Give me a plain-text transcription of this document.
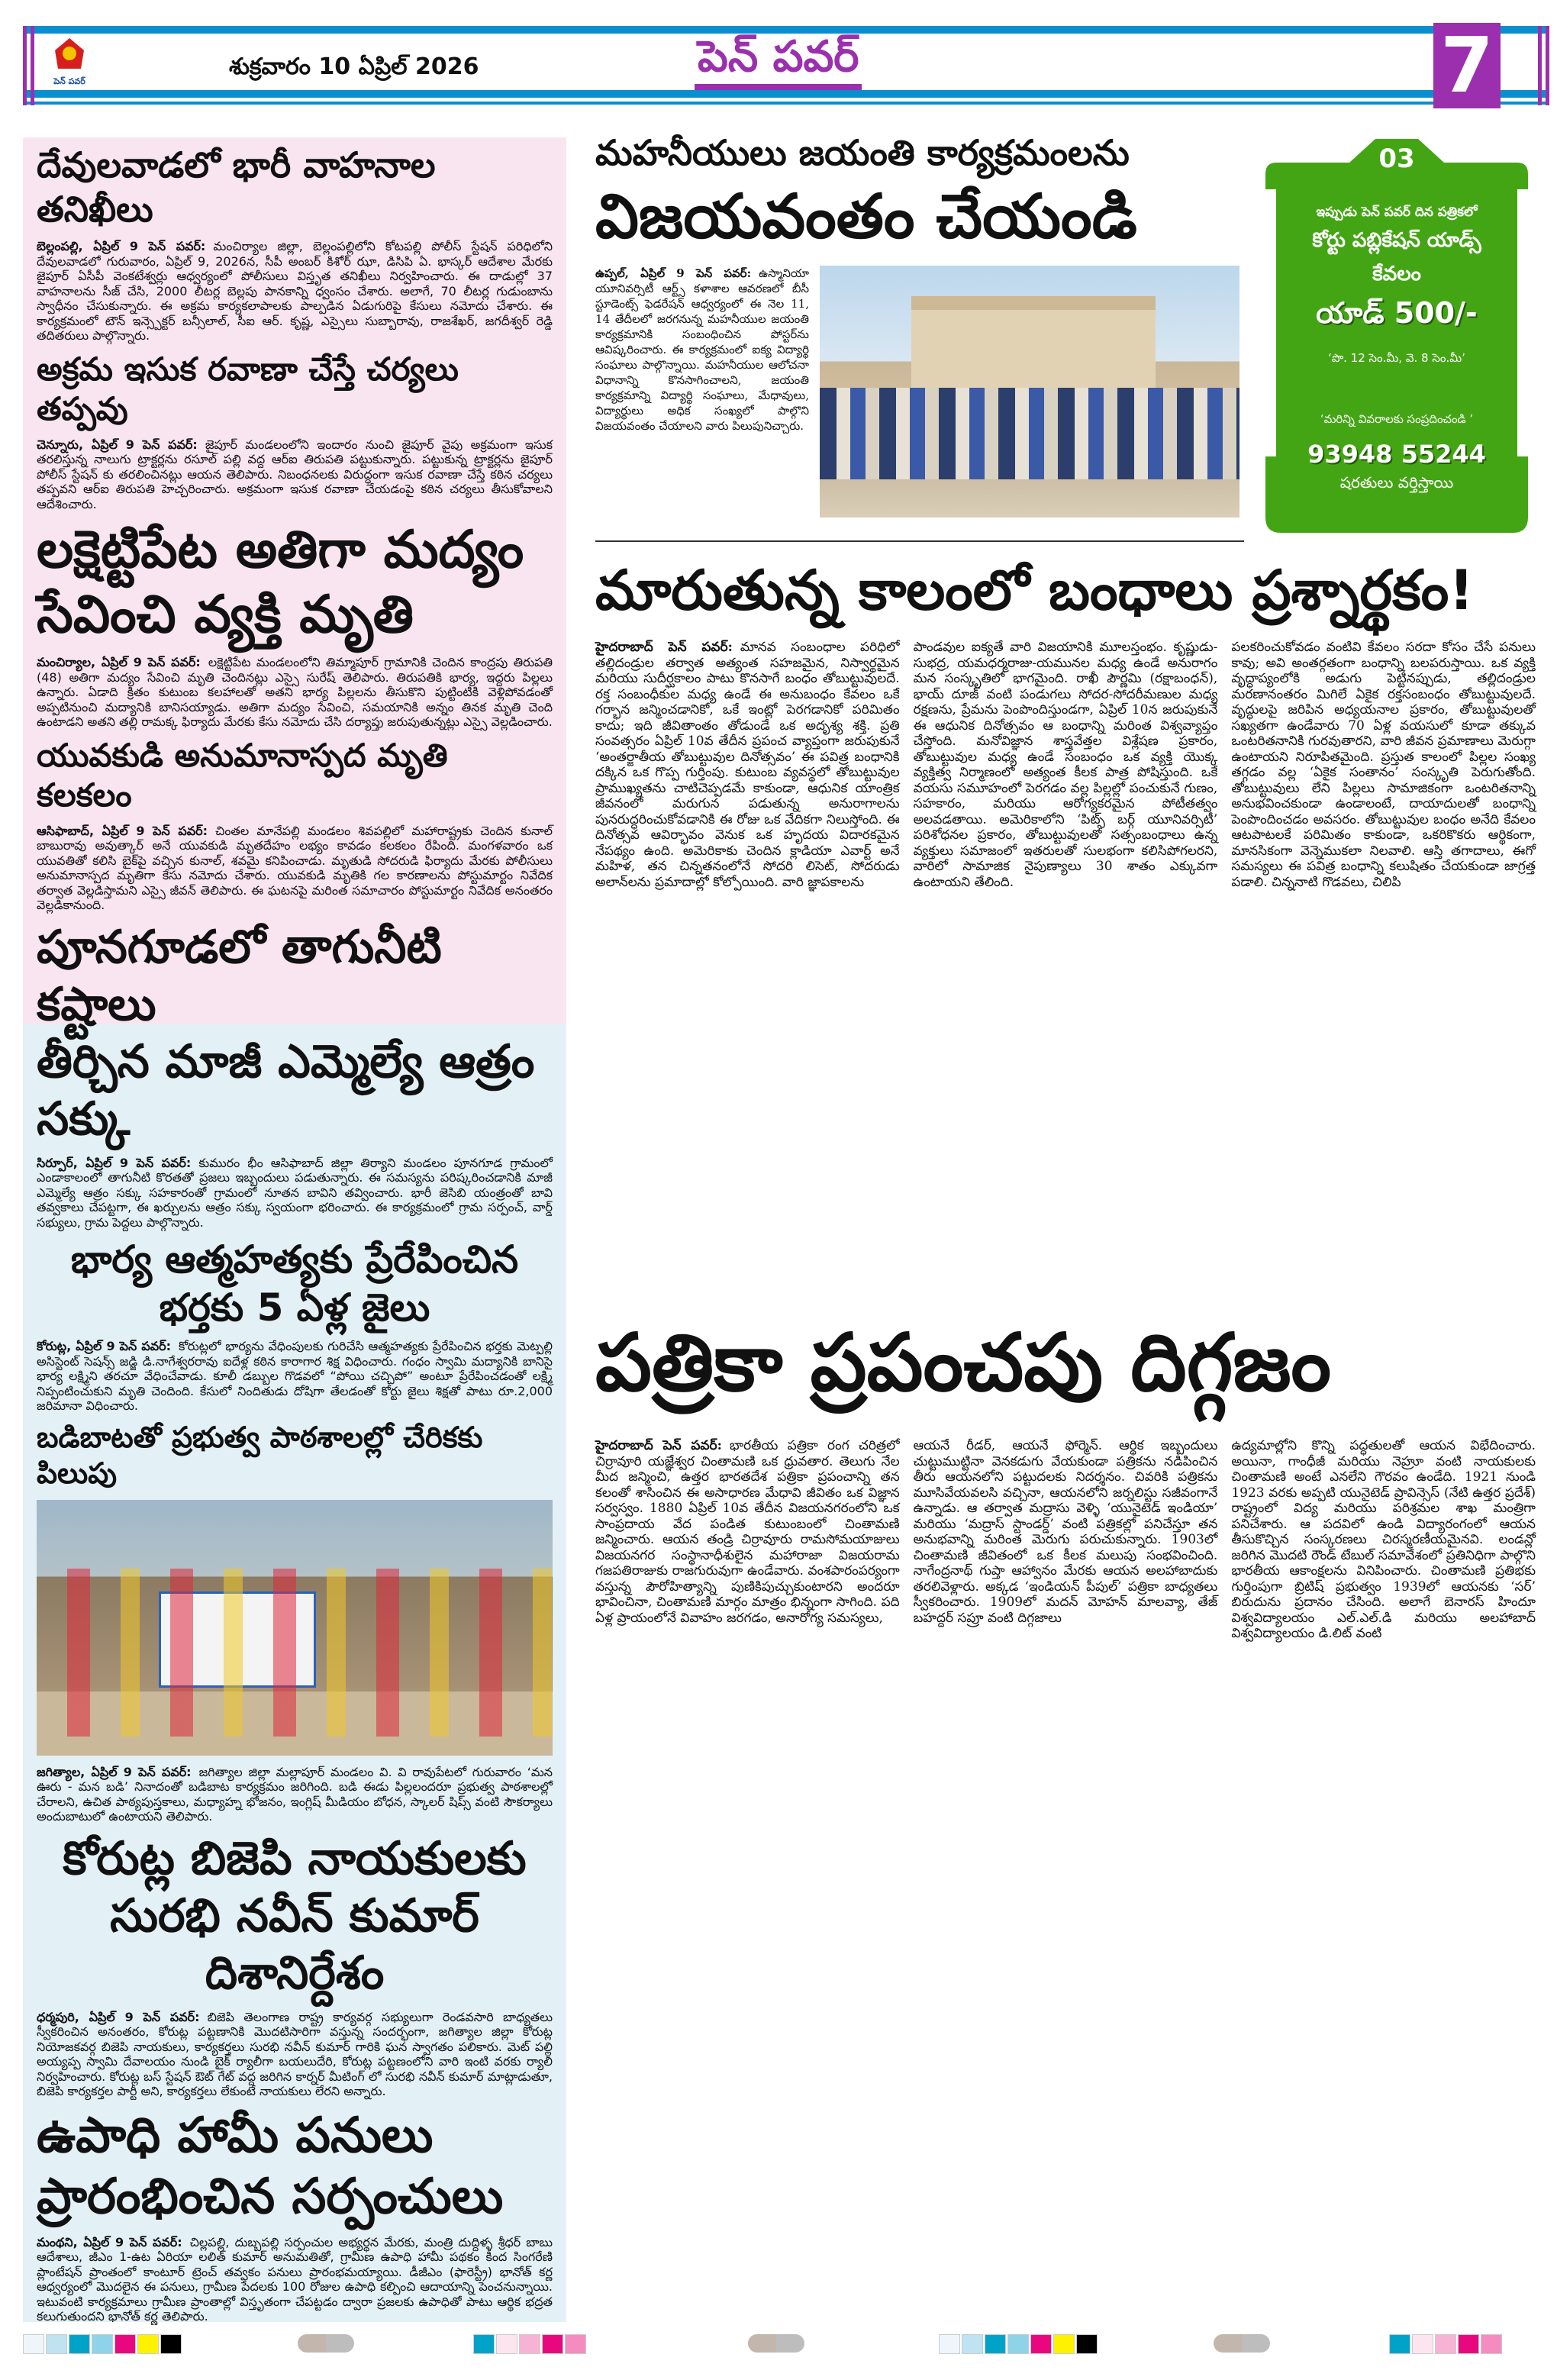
పెన్ పవర్
శుక్రవారం 10 ఏప్రిల్ 2026	పెన్ పవర్	7
దేవులవాడలో భారీ వాహనాల తనిఖీలు
బెల్లంపల్లి, ఏప్రిల్ 9 పెన్ పవర్: మంచిర్యాల జిల్లా, బెల్లంపల్లిలోని కోటపల్లి పోలీస్ స్టేషన్ పరిధిలోని దేవులవాడలో గురువారం, ఏప్రిల్ 9, 2026న, సీపీ అంబర్ కిశోర్ ఝా, డిసిపి ఏ. భాస్కర్ ఆదేశాల మేరకు జైపూర్ ఏసీపీ వెంకటేశ్వర్లు ఆధ్వర్యంలో పోలీసులు విస్తృత తనిఖీలు నిర్వహించారు. ఈ దాడుల్లో 37 వాహనాలను సీజ్ చేసి, 2000 లీటర్ల బెల్లపు పానకాన్ని ధ్వంసం చేశారు. అలాగే, 70 లీటర్ల గుడుంబాను స్వాధీనం చేసుకున్నారు. ఈ అక్రమ కార్యకలాపాలకు పాల్పడిన ఏడుగురిపై కేసులు నమోదు చేశారు. ఈ కార్యక్రమంలో టౌన్ ఇన్స్పెక్టర్ బన్సీలాల్, సీఐ ఆర్. కృష్ణ, ఎస్సైలు సుబ్బారావు, రాజశేఖర్, జగదీశ్వర్ రెడ్డి తదితరులు పాల్గొన్నారు.
అక్రమ ఇసుక రవాణా చేస్తే చర్యలు తప్పవు
చెన్నూరు, ఏప్రిల్ 9 పెన్ పవర్: జైపూర్ మండలంలోని ఇందారం నుంచి జైపూర్ వైపు అక్రమంగా ఇసుక తరలిస్తున్న నాలుగు ట్రాక్టర్లను రసూల్ పల్లి వద్ద ఆర్ఐ తిరుపతి పట్టుకున్నారు. పట్టుకున్న ట్రాక్టర్లను జైపూర్ పోలీస్ స్టేషన్ కు తరలించినట్లు ఆయన తెలిపారు. నిబంధనలకు విరుద్ధంగా ఇసుక రవాణా చేస్తే కఠిన చర్యలు తప్పవని ఆర్ఐ తిరుపతి హెచ్చరించారు. అక్రమంగా ఇసుక రవాణా చేయడంపై కఠిన చర్యలు తీసుకోవాలని ఆదేశించారు.
లక్షెట్టిపేట అతిగా మద్యం
సేవించి వ్యక్తి మృతి
మంచిర్యాల, ఏప్రిల్ 9 పెన్ పవర్: లక్షెట్టిపేట మండలంలోని తిమ్మాపూర్ గ్రామానికి చెందిన కాంద్రపు తిరుపతి (48) అతిగా మద్యం సేవించి మృతి చెందినట్లు ఎస్సై సురేష్ తెలిపారు. తిరుపతికి భార్య, ఇద్దరు పిల్లలు ఉన్నారు. ఏడాది క్రితం కుటుంబ కలహాలతో అతని భార్య పిల్లలను తీసుకొని పుట్టింటికి వెళ్లిపోవడంతో అప్పటినుంచి మద్యానికి బానిసయ్యాడు. అతిగా మద్యం సేవించి, సమయానికి అన్నం తినక మృతి చెంది ఉంటాడని అతని తల్లి రామక్క ఫిర్యాదు మేరకు కేసు నమోదు చేసి దర్యాప్తు జరుపుతున్నట్లు ఎస్సై వెల్లడించారు.
యువకుడి అనుమానాస్పద మృతి కలకలం
ఆసిఫాబాద్, ఏప్రిల్ 9 పెన్ పవర్: చింతల మానేపల్లి మండలం శివపల్లిలో మహారాష్ట్రకు చెందిన కునాల్ బాబురావు అవుత్కార్ అనే యువకుడి మృతదేహం లభ్యం కావడం కలకలం రేపింది. మంగళవారం ఒక యువతితో కలిసి బైక్‌పై వచ్చిన కునాల్, శవమై కనిపించాడు. మృతుడి సోదరుడి ఫిర్యాదు మేరకు పోలీసులు అనుమానాస్పద మృతిగా కేసు నమోదు చేశారు. యువకుడి మృతికి గల కారణాలను పోస్టుమార్టం నివేదిక తర్వాత వెల్లడిస్తామని ఎస్సై జీవన్ తెలిపారు. ఈ ఘటనపై మరింత సమాచారం పోస్టుమార్టం నివేదిక అనంతరం వెల్లడికానుంది.
పూనగూడలో తాగునీటి కష్టాలు
తీర్చిన మాజీ ఎమ్మెల్యే ఆత్రం సక్కు
సిర్పూర్, ఏప్రిల్ 9 పెన్ పవర్: కుమురం భీం ఆసిఫాబాద్ జిల్లా తిర్యాని మండలం పూనగూడ గ్రామంలో ఎండాకాలంలో తాగునీటి కొరతతో ప్రజలు ఇబ్బందులు పడుతున్నారు. ఈ సమస్యను పరిష్కరించడానికి మాజీ ఎమ్మెల్యే ఆత్రం సక్కు సహకారంతో గ్రామంలో నూతన బావిని తవ్వించారు. భారీ జెసిబి యంత్రంతో బావి తవ్వకాలు చేపట్టగా, ఈ ఖర్చులను ఆత్రం సక్కు స్వయంగా భరించారు. ఈ కార్యక్రమంలో గ్రామ సర్పంచ్, వార్డ్ సభ్యులు, గ్రామ పెద్దలు పాల్గొన్నారు.
భార్య ఆత్మహత్యకు ప్రేరేపించిన
భర్తకు 5 ఏళ్ల జైలు
కోరుట్ల, ఏప్రిల్ 9 పెన్ పవర్: కోరుట్లలో భార్యను వేధింపులకు గురిచేసి ఆత్మహత్యకు ప్రేరేపించిన భర్తకు మెట్పల్లి అసిస్టెంట్ సెషన్స్ జడ్జి డి.నాగేశ్వరరావు ఐదేళ్ల కఠిన కారాగార శిక్ష విధించారు. గంధం స్వామి మద్యానికి బానిసై భార్య లక్ష్మిని తరచూ వేధించేవాడు. కూలీ డబ్బుల గొడవలో “పోయి చచ్చిపో” అంటూ ప్రేరేపించడంతో లక్ష్మి నిప్పంటించుకుని మృతి చెందింది. కేసులో నిందితుడు దోషిగా తేలడంతో కోర్టు జైలు శిక్షతో పాటు రూ.2,000 జరిమానా విధించారు.
బడిబాటతో ప్రభుత్వ పాఠశాలల్లో చేరికకు పిలుపు
జగిత్యాల, ఏప్రిల్ 9 పెన్ పవర్: జగిత్యాల జిల్లా మల్లాపూర్ మండలం వి. వి రావుపేటలో గురువారం ‘మన ఊరు - మన బడి’ నినాదంతో బడిబాట కార్యక్రమం జరిగింది. బడి ఈడు పిల్లలందరూ ప్రభుత్వ పాఠశాలల్లో చేరాలని, ఉచిత పాఠ్యపుస్తకాలు, మధ్యాహ్న భోజనం, ఇంగ్లిష్ మీడియం బోధన, స్కాలర్ షిప్స్ వంటి సౌకర్యాలు అందుబాటులో ఉంటాయని తెలిపారు.
కోరుట్ల బిజెపి నాయకులకు
సురభి నవీన్ కుమార్ దిశానిర్దేశం
ధర్మపురి, ఏప్రిల్ 9 పెన్ పవర్: బిజెపి తెలంగాణ రాష్ట్ర కార్యవర్గ సభ్యులుగా రెండవసారి బాధ్యతలు స్వీకరించిన అనంతరం, కోరుట్ల పట్టణానికి మొదటిసారిగా వస్తున్న సందర్భంగా, జగిత్యాల జిల్లా కోరుట్ల నియోజకవర్గ బిజెపి నాయకులు, కార్యకర్తలు సురభి నవీన్ కుమార్ గారికి ఘన స్వాగతం పలికారు. మెట్ పల్లి అయ్యప్ప స్వామి దేవాలయం నుండి బైక్ ర్యాలీగా బయలుదేరి, కోరుట్ల పట్టణంలోని వారి ఇంటి వరకు ర్యాలీ నిర్వహించారు. కోరుట్ల బస్ స్టేషన్ ఔట్ గేట్ వద్ద జరిగిన కార్నర్ మీటింగ్ లో సురభి నవీన్ కుమార్ మాట్లాడుతూ, బిజెపి కార్యకర్తల పార్టీ అని, కార్యకర్తలు లేకుంటే నాయకులు లేరని అన్నారు.
ఉపాధి హామీ పనులు
ప్రారంభించిన సర్పంచులు
మంథని, ఏప్రిల్ 9 పెన్ పవర్: చిల్లపల్లి, దుబ్బపల్లి సర్పంచుల అభ్యర్థన మేరకు, మంత్రి దుద్దిళ్ళ శ్రీధర్ బాబు ఆదేశాలు, జీఎం 1-ఉట ఏరియా లలిత్ కుమార్ అనుమతితో, గ్రామీణ ఉపాధి హామీ పథకం కింద సింగరేణి ప్లాంటేషన్ ప్రాంతంలో కాంటూర్ ట్రెంచ్ తవ్వకం పనులు ప్రారంభమయ్యాయి. డీజీఎం (ఫారెస్ట్రీ) భానోత్ కర్ణ ఆధ్వర్యంలో మొదలైన ఈ పనులు, గ్రామీణ పేదలకు 100 రోజుల ఉపాధి కల్పించి ఆదాయాన్ని పెంచనున్నాయి. ఇటువంటి కార్యక్రమాలు గ్రామీణ ప్రాంతాల్లో విస్తృతంగా చేపట్టడం ద్వారా ప్రజలకు ఉపాధితో పాటు ఆర్థిక భద్రత కలుగుతుందని భానోత్ కర్ణ తెలిపారు.
మహనీయులు జయంతి కార్యక్రమంలను
విజయవంతం చేయండి
ఉప్పల్, ఏప్రిల్ 9 పెన్ పవర్: ఉస్మానియా యూనివర్సిటీ ఆర్ట్స్ కళాశాల ఆవరణలో బీసీ స్టూడెంట్స్ ఫెడరేషన్ ఆధ్వర్యంలో ఈ నెల 11, 14 తేదీలలో జరగనున్న మహనీయుల జయంతి కార్యక్రమానికి సంబంధించిన పోస్టర్‌ను ఆవిష్కరించారు. ఈ కార్యక్రమంలో ఐక్య విద్యార్థి సంఘాలు పాల్గొన్నాయి. మహనీయుల ఆలోచనా విధానాన్ని కొనసాగించాలని, జయంతి కార్యక్రమాన్ని విద్యార్థి సంఘాలు, మేధావులు, విద్యార్థులు అధిక సంఖ్యలో పాల్గొని విజయవంతం చేయాలని వారు పిలుపునిచ్చారు.
03
ఇప్పుడు పెన్ పవర్ దిన పత్రికలో
కోర్టు పబ్లికేషన్ యాడ్స్
కేవలం
యాడ్ 500/-
‘పొ. 12 సెం.మీ, వె. 8 సెం.మీ’
‘మరిన్ని వివరాలకు సంప్రదించండి ’
93948 55244
షరతులు వర్తిస్తాయి
మారుతున్న కాలంలో బంధాలు ప్రశ్నార్థకం!
హైదరాబాద్ పెన్ పవర్: మానవ సంబంధాల పరిధిలో తల్లిదండ్రుల తర్వాత అత్యంత సహజమైన, నిస్వార్థమైన మరియు సుదీర్ఘకాలం పాటు కొనసాగే బంధం తోబుట్టువులదే. రక్త సంబంధీకుల మధ్య ఉండే ఈ అనుబంధం కేవలం ఒకే గర్భాన జన్మించడానికో, ఒకే ఇంట్లో పెరగడానికో పరిమితం కాదు; ఇది జీవితాంతం తోడుండే ఒక అదృశ్య శక్తి. ప్రతి సంవత్సరం ఏప్రిల్ 10వ తేదీన ప్రపంచ వ్యాప్తంగా జరుపుకునే ‘అంతర్జాతీయ తోబుట్టువుల దినోత్సవం’ ఈ పవిత్ర బంధానికి దక్కిన ఒక గొప్ప గుర్తింపు. కుటుంబ వ్యవస్థలో తోబుట్టువుల ప్రాముఖ్యతను చాటిచెప్పడమే కాకుండా, ఆధునిక యాంత్రిక జీవనంలో మరుగున పడుతున్న అనురాగాలను పునరుద్ధరించుకోవడానికి ఈ రోజు ఒక వేదికగా నిలుస్తోంది. ఈ దినోత్సవ ఆవిర్భావం వెనుక ఒక హృదయ విదారకమైన నేపథ్యం ఉంది. అమెరికాకు చెందిన క్లాడియా ఎవార్ట్ అనే మహిళ, తన చిన్నతనంలోనే సోదరి లిసెట్, సోదరుడు అలాన్‌లను ప్రమాదాల్లో కోల్పోయింది. వారి జ్ఞాపకాలను
పాండవుల ఐక్యతే వారి విజయానికి మూలస్తంభం. కృష్ణుడు-సుభద్ర, యమధర్మరాజు-యమునల మధ్య ఉండే అనురాగం మన సంస్కృతిలో భాగమైంది. రాఖీ పౌర్ణమి (రక్షాబంధన్), భాయ్ దూజ్ వంటి పండుగలు సోదర-సోదరీమణుల మధ్య రక్షణను, ప్రేమను పెంపొందిస్తుండగా, ఏప్రిల్ 10న జరుపుకునే ఈ ఆధునిక దినోత్సవం ఆ బంధాన్ని మరింత విశ్వవ్యాప్తం చేస్తోంది. మనోవిజ్ఞాన శాస్త్రవేత్తల విశ్లేషణ ప్రకారం, తోబుట్టువుల మధ్య ఉండే సంబంధం ఒక వ్యక్తి యొక్క వ్యక్తిత్వ నిర్మాణంలో అత్యంత కీలక పాత్ర పోషిస్తుంది. ఒకే వయసు సమూహంలో పెరగడం వల్ల పిల్లల్లో పంచుకునే గుణం, సహకారం, మరియు ఆరోగ్యకరమైన పోటీతత్వం అలవడతాయి. అమెరికాలోని ‘పిట్స్ బర్గ్ యూనివర్సిటీ’ పరిశోధనల ప్రకారం, తోబుట్టువులతో సత్సంబంధాలు ఉన్న వ్యక్తులు సమాజంలో ఇతరులతో సులభంగా కలిసిపోగలరని, వారిలో సామాజిక నైపుణ్యాలు 30 శాతం ఎక్కువగా ఉంటాయని తేలింది.
పలకరించుకోవడం వంటివి కేవలం సరదా కోసం చేసే పనులు కావు; అవి అంతర్గతంగా బంధాన్ని బలపరుస్తాయి. ఒక వ్యక్తి వృద్ధాప్యంలోకి అడుగు పెట్టినప్పుడు, తల్లిదండ్రుల మరణానంతరం మిగిలే ఏకైక రక్తసంబంధం తోబుట్టువులదే. వృద్ధులపై జరిపిన అధ్యయనాల ప్రకారం, తోబుట్టువులతో సఖ్యతగా ఉండేవారు 70 ఏళ్ల వయసులో కూడా తక్కువ ఒంటరితనానికి గురవుతారని, వారి జీవన ప్రమాణాలు మెరుగ్గా ఉంటాయని నిరూపితమైంది. ప్రస్తుత కాలంలో పిల్లల సంఖ్య తగ్గడం వల్ల ‘ఏకైక సంతానం’ సంస్కృతి పెరుగుతోంది. తోబుట్టువులు లేని పిల్లలు సామాజికంగా ఒంటరితనాన్ని అనుభవించకుండా ఉండాలంటే, దాయాదులతో బంధాన్ని పెంపొందించడం అవసరం. తోబుట్టువుల బంధం అనేది కేవలం ఆటపాటలకే పరిమితం కాకుండా, ఒకరికొకరు ఆర్థికంగా, మానసికంగా వెన్నెముకలా నిలవాలి. ఆస్తి తగాదాలు, ఈగో సమస్యలు ఈ పవిత్ర బంధాన్ని కలుషితం చేయకుండా జాగ్రత్త పడాలి. చిన్ననాటి గొడవలు, చిలిపి
పత్రికా ప్రపంచపు దిగ్గజం
హైదరాబాద్ పెన్ పవర్: భారతీయ పత్రికా రంగ చరిత్రలో చిర్రావూరి యజ్ఞేశ్వర చింతామణి ఒక ధ్రువతార. తెలుగు నేల మీద జన్మించి, ఉత్తర భారతదేశ పత్రికా ప్రపంచాన్ని తన కలంతో శాసించిన ఈ అసాధారణ మేధావి జీవితం ఒక విజ్ఞాన సర్వస్వం. 1880 ఏప్రిల్ 10వ తేదీన విజయనగరంలోని ఒక సాంప్రదాయ వేద పండిత కుటుంబంలో చింతామణి జన్మించారు. ఆయన తండ్రి చిర్రావూరు రామసోమయాజులు విజయనగర సంస్థానాధీశులైన మహారాజా విజయరామ గజపతిరాజుకు రాజగురువుగా ఉండేవారు. వంశపారంపర్యంగా వస్తున్న పౌరోహిత్యాన్ని పుణికిపుచ్చుకుంటారని అందరూ భావించినా, చింతామణి మార్గం మాత్రం భిన్నంగా సాగింది. పది ఏళ్ల ప్రాయంలోనే వివాహం జరగడం, అనారోగ్య సమస్యలు,
ఆయనే రీడర్, ఆయనే ఫోర్మెన్. ఆర్థిక ఇబ్బందులు చుట్టుముట్టినా వెనకడుగు వేయకుండా పత్రికను నడిపించిన తీరు ఆయనలోని పట్టుదలకు నిదర్శనం. చివరికి పత్రికను మూసివేయవలసి వచ్చినా, ఆయనలోని జర్నలిస్టు సజీవంగానే ఉన్నాడు. ఆ తర్వాత మద్రాసు వెళ్ళి ‘యునైటెడ్ ఇండియా’ మరియు ‘మద్రాస్ స్టాండర్డ్’ వంటి పత్రికల్లో పనిచేస్తూ తన అనుభవాన్ని మరింత మెరుగు పరుచుకున్నారు. 1903లో చింతామణి జీవితంలో ఒక కీలక మలుపు సంభవించింది. నాగేంద్రనాథ్ గుప్తా ఆహ్వానం మేరకు ఆయన అలహాబాదుకు తరలివెళ్లారు. అక్కడ ‘ఇండియన్ పీపుల్’ పత్రికా బాధ్యతలు స్వీకరించారు. 1909లో మదన్ మోహన్ మాలవ్యా, తేజ్ బహద్దర్ సప్రూ వంటి దిగ్గజాలు
ఉద్యమాల్లోని కొన్ని పద్ధతులతో ఆయన విభేదించారు. అయినా, గాంధీజీ మరియు నెహ్రూ వంటి నాయకులకు చింతామణి అంటే ఎనలేని గౌరవం ఉండేది. 1921 నుండి 1923 వరకు అప్పటి యునైటెడ్ ప్రావిన్సెస్ (నేటి ఉత్తర ప్రదేశ్) రాష్ట్రంలో విద్య మరియు పరిశ్రమల శాఖ మంత్రిగా పనిచేశారు. ఆ పదవిలో ఉండి విద్యారంగంలో ఆయన తీసుకొచ్చిన సంస్కరణలు చిరస్మరణీయమైనవి. లండన్లో జరిగిన మొదటి రౌండ్ టేబుల్ సమావేశంలో ప్రతినిధిగా పాల్గొని భారతీయ ఆకాంక్షలను వినిపించారు. చింతామణి ప్రతిభకు గుర్తింపుగా బ్రిటిష్ ప్రభుత్వం 1939లో ఆయనకు ‘సర్’ బిరుదును ప్రదానం చేసింది. అలాగే బెనారస్ హిందూ విశ్వవిద్యాలయం ఎల్.ఎల్.డి మరియు అలహాబాద్ విశ్వవిద్యాలయం డి.లిట్ వంటి
